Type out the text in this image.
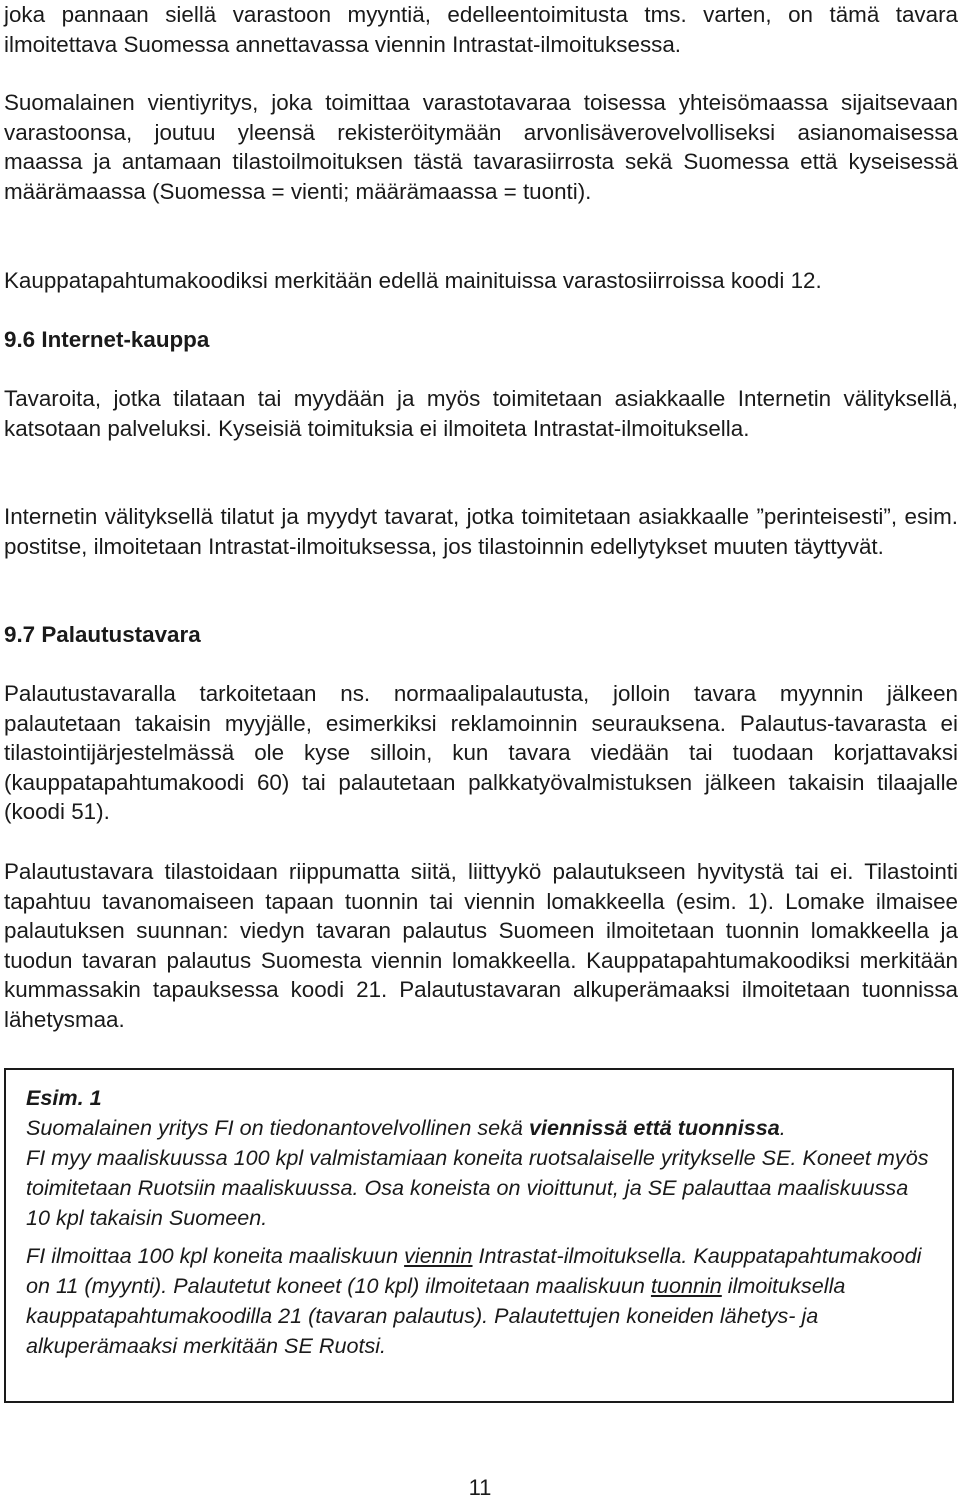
joka pannaan siellä varastoon myyntiä, edelleentoimitusta tms. varten, on tämä tavara ilmoitettava Suomessa annettavassa viennin Intrastat-ilmoituksessa.

Suomalainen vientiyritys, joka toimittaa varastotavaraa toisessa yhteisömaassa sijaitsevaan varastoonsa, joutuu yleensä rekisteröitymään arvonlisäverovelvolliseksi asianomaisessa maassa ja antamaan tilastoilmoituksen tästä tavarasiirrosta sekä Suomessa että kyseisessä määrämaassa (Suomessa = vienti; määrämaassa = tuonti).

Kauppatapahtumakoodiksi merkitään edellä mainituissa varastosiirroissa koodi 12.

9.6 Internet-kauppa

Tavaroita, jotka tilataan tai myydään ja myös toimitetaan asiakkaalle Internetin välityksellä, katsotaan palveluksi. Kyseisiä toimituksia ei ilmoiteta Intrastat-ilmoituksella.

Internetin välityksellä tilatut ja myydyt tavarat, jotka toimitetaan asiakkaalle ”perinteisesti”, esim. postitse, ilmoitetaan Intrastat-ilmoituksessa, jos tilastoinnin edellytykset muuten täyttyvät.

9.7 Palautustavara

Palautustavaralla tarkoitetaan ns. normaalipalautusta, jolloin tavara myynnin jälkeen palautetaan takaisin myyjälle, esimerkiksi reklamoinnin seurauksena. Palautus-tavarasta ei tilastointijärjestelmässä ole kyse silloin, kun tavara viedään tai tuodaan korjattavaksi (kauppatapahtumakoodi 60) tai palautetaan palkkatyövalmistuksen jälkeen takaisin tilaajalle (koodi 51).

Palautustavara tilastoidaan riippumatta siitä, liittyykö palautukseen hyvitystä tai ei. Tilastointi tapahtuu tavanomaiseen tapaan tuonnin tai viennin lomakkeella (esim. 1). Lomake ilmaisee palautuksen suunnan: viedyn tavaran palautus Suomeen ilmoitetaan tuonnin lomakkeella ja tuodun tavaran palautus Suomesta viennin lomakkeella. Kauppatapahtumakoodiksi merkitään kummassakin tapauksessa koodi 21. Palautustavaran alkuperämaaksi ilmoitetaan tuonnissa lähetysmaa.

Esim. 1

Suomalainen yritys FI on tiedonantovelvollinen sekä viennissä että tuonnissa.

FI myy maaliskuussa 100 kpl valmistamiaan koneita ruotsalaiselle yritykselle SE. Koneet myös toimitetaan Ruotsiin maaliskuussa. Osa koneista on vioittunut, ja SE palauttaa maaliskuussa 10 kpl takaisin Suomeen.

FI ilmoittaa 100 kpl koneita maaliskuun viennin Intrastat-ilmoituksella. Kauppatapahtumakoodi on 11 (myynti). Palautetut koneet (10 kpl) ilmoitetaan maaliskuun tuonnin ilmoituksella kauppatapahtumakoodilla 21 (tavaran palautus). Palautettujen koneiden lähetys- ja alkuperämaaksi merkitään SE Ruotsi.

11
